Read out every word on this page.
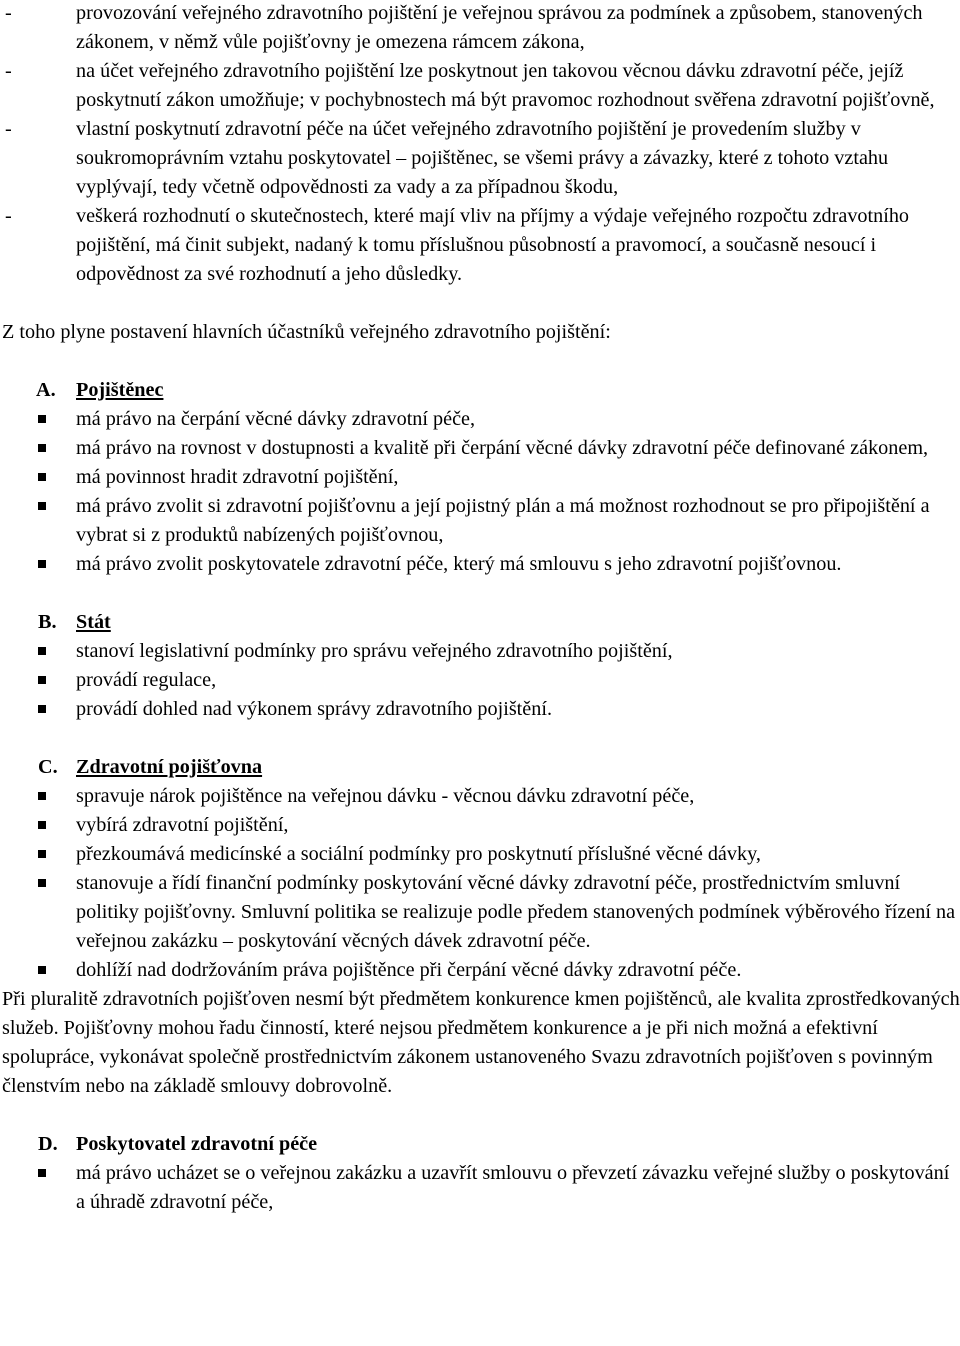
-	provozování veřejného zdravotního pojištění je veřejnou správou za podmínek a způsobem, stanovených zákonem, v němž vůle pojišťovny je omezena rámcem zákona,
-	na účet veřejného zdravotního pojištění lze poskytnout jen takovou věcnou dávku zdravotní péče, jejíž poskytnutí zákon umožňuje; v pochybnostech má být pravomoc rozhodnout svěřena zdravotní pojišťovně,
-	vlastní poskytnutí zdravotní péče na účet veřejného zdravotního pojištění je provedením služby v soukromoprávním vztahu poskytovatel – pojištěnec, se všemi právy a závazky, které z tohoto vztahu vyplývají, tedy včetně odpovědnosti za vady a za případnou škodu,
-	veškerá rozhodnutí o skutečnostech, které mají vliv na příjmy a výdaje veřejného rozpočtu zdravotního pojištění, má činit subjekt, nadaný k tomu příslušnou působností a pravomocí, a současně nesoucí i odpovědnost za své rozhodnutí a jeho důsledky.
Z toho plyne postavení hlavních účastníků veřejného zdravotního pojištění:
A. Pojištěnec
má právo na čerpání věcné dávky zdravotní péče,
má právo na rovnost v dostupnosti a kvalitě při čerpání věcné dávky zdravotní péče definované zákonem,
má povinnost hradit zdravotní pojištění,
má právo zvolit si zdravotní pojišťovnu a její pojistný plán a má možnost rozhodnout se pro připojištění a vybrat si z produktů nabízených pojišťovnou,
má právo zvolit poskytovatele zdravotní péče, který má smlouvu s jeho zdravotní pojišťovnou.
B. Stát
stanoví legislativní podmínky pro správu veřejného zdravotního pojištění,
provádí regulace,
provádí dohled nad výkonem správy zdravotního pojištění.
C. Zdravotní pojišťovna
spravuje nárok pojištěnce na veřejnou dávku - věcnou dávku zdravotní péče,
vybírá zdravotní pojištění,
přezkoumává medicínské a sociální podmínky pro poskytnutí příslušné věcné dávky,
stanovuje a řídí finanční podmínky poskytování věcné dávky zdravotní péče, prostřednictvím smluvní politiky pojišťovny. Smluvní politika se realizuje podle předem stanovených podmínek výběrového řízení na veřejnou zakázku – poskytování věcných dávek zdravotní péče.
dohlíží nad dodržováním práva pojištěnce při čerpání věcné dávky zdravotní péče.
Při pluralitě zdravotních pojišťoven nesmí být předmětem konkurence kmen pojištěnců, ale kvalita zprostředkovaných služeb. Pojišťovny mohou řadu činností, které nejsou předmětem konkurence a je při nich možná a efektivní spolupráce, vykonávat společně prostřednictvím zákonem ustanoveného Svazu zdravotních pojišťoven s povinným členstvím nebo na základě smlouvy dobrovolně.
D. Poskytovatel zdravotní péče
má právo ucházet se o veřejnou zakázku a uzavřít smlouvu o převzetí závazku veřejné služby o poskytování a úhradě zdravotní péče,
